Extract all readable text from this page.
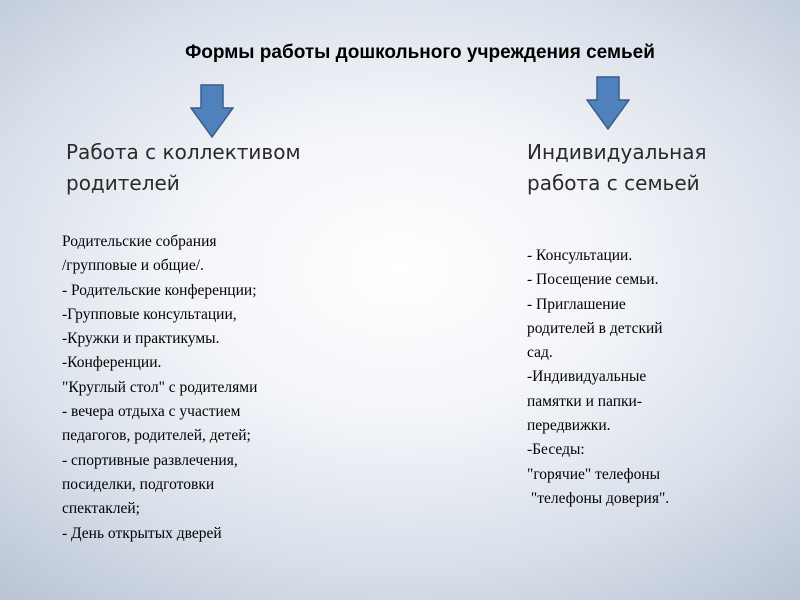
Формы работы дошкольного учреждения семьей
Работа с коллективом
родителей
Индивидуальная
работа с семьей
Родительские собрания
/групповые и общие/.
- Родительские конференции;
-Групповые консультации,
-Кружки и практикумы.
-Конференции.
"Круглый стол" с родителями
- вечера отдыха с участием
педагогов, родителей, детей;
- спортивные развлечения,
посиделки, подготовки
спектаклей;
- День открытых дверей
- Консультации.
- Посещение семьи.
- Приглашение
родителей в детский
сад.
-Индивидуальные
памятки и папки-
передвижки.
-Беседы:
"горячие" телефоны
"телефоны доверия".
